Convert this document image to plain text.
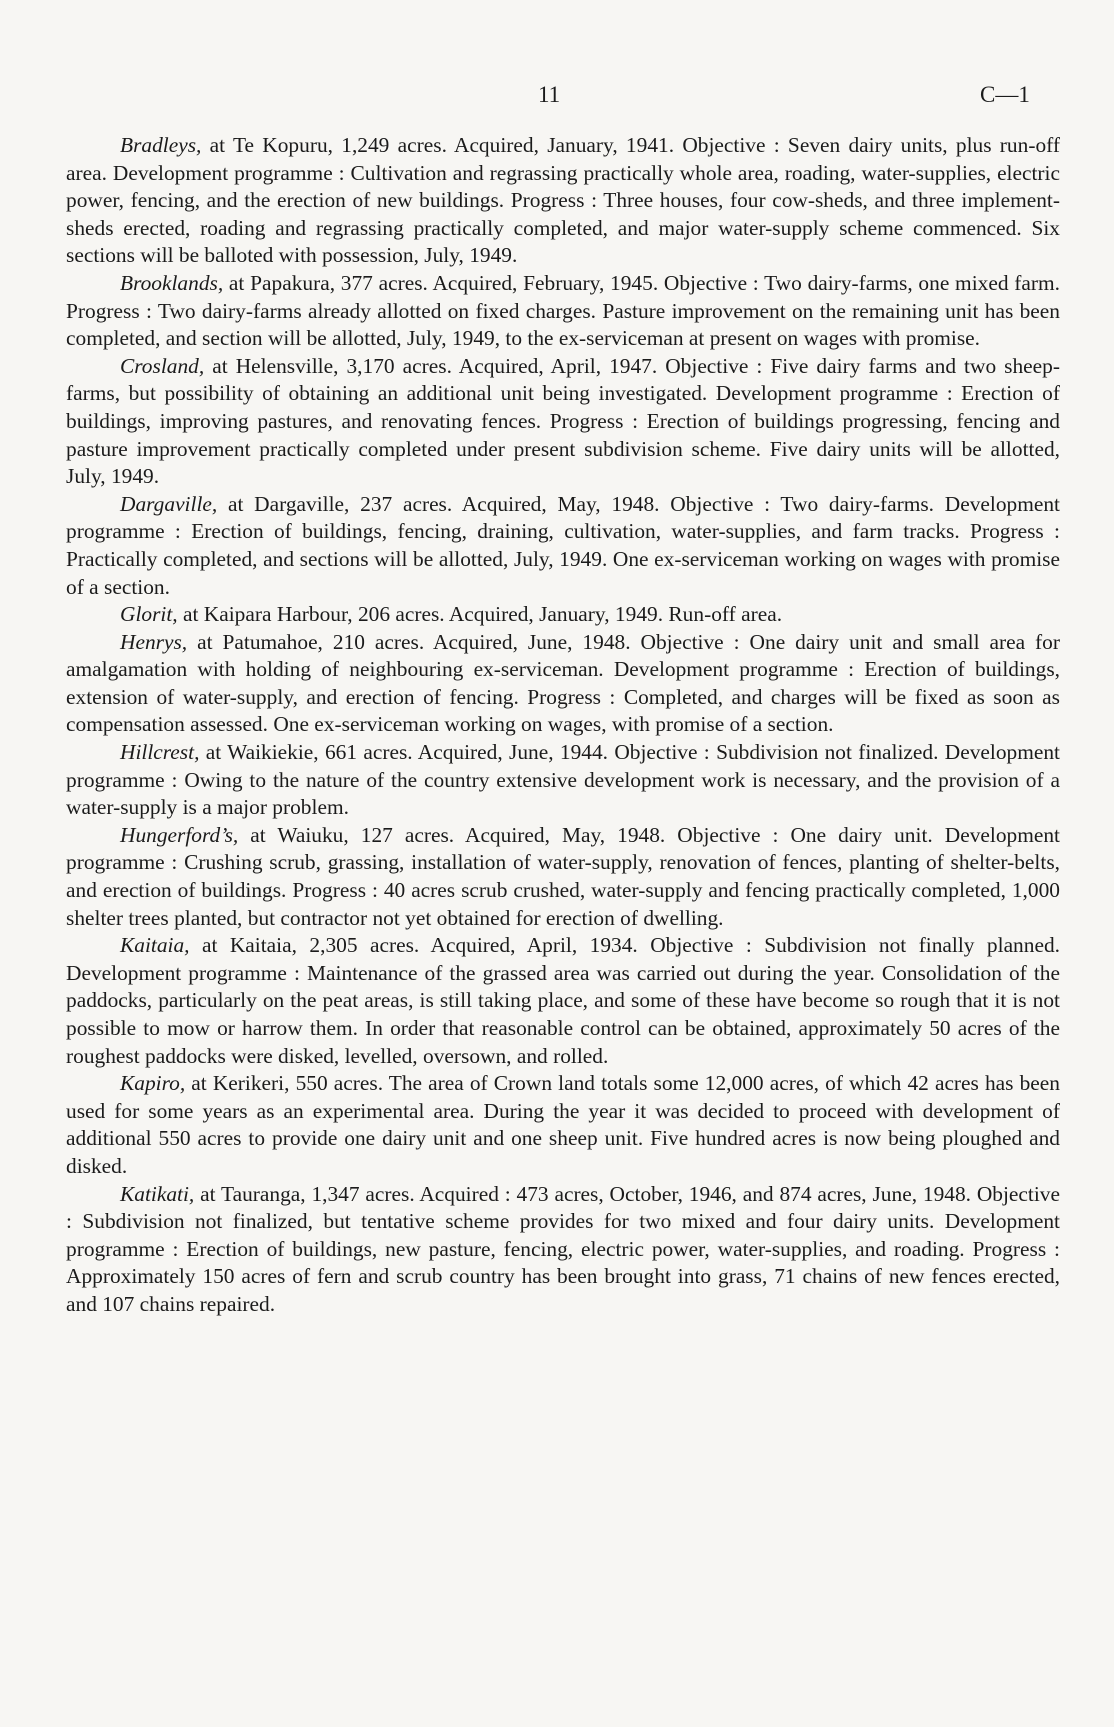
11	C—1

Bradleys, at Te Kopuru, 1,249 acres. Acquired, January, 1941. Objective : Seven dairy units, plus run-off area. Development programme : Cultivation and regrassing practically whole area, roading, water-supplies, electric power, fencing, and the erection of new buildings. Progress : Three houses, four cow-sheds, and three implement-sheds erected, roading and regrassing practically completed, and major water-supply scheme commenced. Six sections will be balloted with possession, July, 1949.

Brooklands, at Papakura, 377 acres. Acquired, February, 1945. Objective : Two dairy-farms, one mixed farm. Progress : Two dairy-farms already allotted on fixed charges. Pasture improvement on the remaining unit has been completed, and section will be allotted, July, 1949, to the ex-serviceman at present on wages with promise.

Crosland, at Helensville, 3,170 acres. Acquired, April, 1947. Objective : Five dairy farms and two sheep-farms, but possibility of obtaining an additional unit being investigated. Development programme : Erection of buildings, improving pastures, and renovating fences. Progress : Erection of buildings progressing, fencing and pasture improvement practically completed under present subdivision scheme. Five dairy units will be allotted, July, 1949.

Dargaville, at Dargaville, 237 acres. Acquired, May, 1948. Objective : Two dairy-farms. Development programme : Erection of buildings, fencing, draining, cultivation, water-supplies, and farm tracks. Progress : Practically completed, and sections will be allotted, July, 1949. One ex-serviceman working on wages with promise of a section.

Glorit, at Kaipara Harbour, 206 acres. Acquired, January, 1949. Run-off area.

Henrys, at Patumahoe, 210 acres. Acquired, June, 1948. Objective : One dairy unit and small area for amalgamation with holding of neighbouring ex-serviceman. Development programme : Erection of buildings, extension of water-supply, and erection of fencing. Progress : Completed, and charges will be fixed as soon as compensation assessed. One ex-serviceman working on wages, with promise of a section.

Hillcrest, at Waikiekie, 661 acres. Acquired, June, 1944. Objective : Subdivision not finalized. Development programme : Owing to the nature of the country extensive development work is necessary, and the provision of a water-supply is a major problem.

Hungerford’s, at Waiuku, 127 acres. Acquired, May, 1948. Objective : One dairy unit. Development programme : Crushing scrub, grassing, installation of water-supply, renovation of fences, planting of shelter-belts, and erection of buildings. Progress : 40 acres scrub crushed, water-supply and fencing practically completed, 1,000 shelter trees planted, but contractor not yet obtained for erection of dwelling.

Kaitaia, at Kaitaia, 2,305 acres. Acquired, April, 1934. Objective : Subdivision not finally planned. Development programme : Maintenance of the grassed area was carried out during the year. Consolidation of the paddocks, particularly on the peat areas, is still taking place, and some of these have become so rough that it is not possible to mow or harrow them. In order that reasonable control can be obtained, approximately 50 acres of the roughest paddocks were disked, levelled, oversown, and rolled.

Kapiro, at Kerikeri, 550 acres. The area of Crown land totals some 12,000 acres, of which 42 acres has been used for some years as an experimental area. During the year it was decided to proceed with development of additional 550 acres to provide one dairy unit and one sheep unit. Five hundred acres is now being ploughed and disked.

Katikati, at Tauranga, 1,347 acres. Acquired : 473 acres, October, 1946, and 874 acres, June, 1948. Objective : Subdivision not finalized, but tentative scheme provides for two mixed and four dairy units. Development programme : Erection of buildings, new pasture, fencing, electric power, water-supplies, and roading. Progress : Approximately 150 acres of fern and scrub country has been brought into grass, 71 chains of new fences erected, and 107 chains repaired.
